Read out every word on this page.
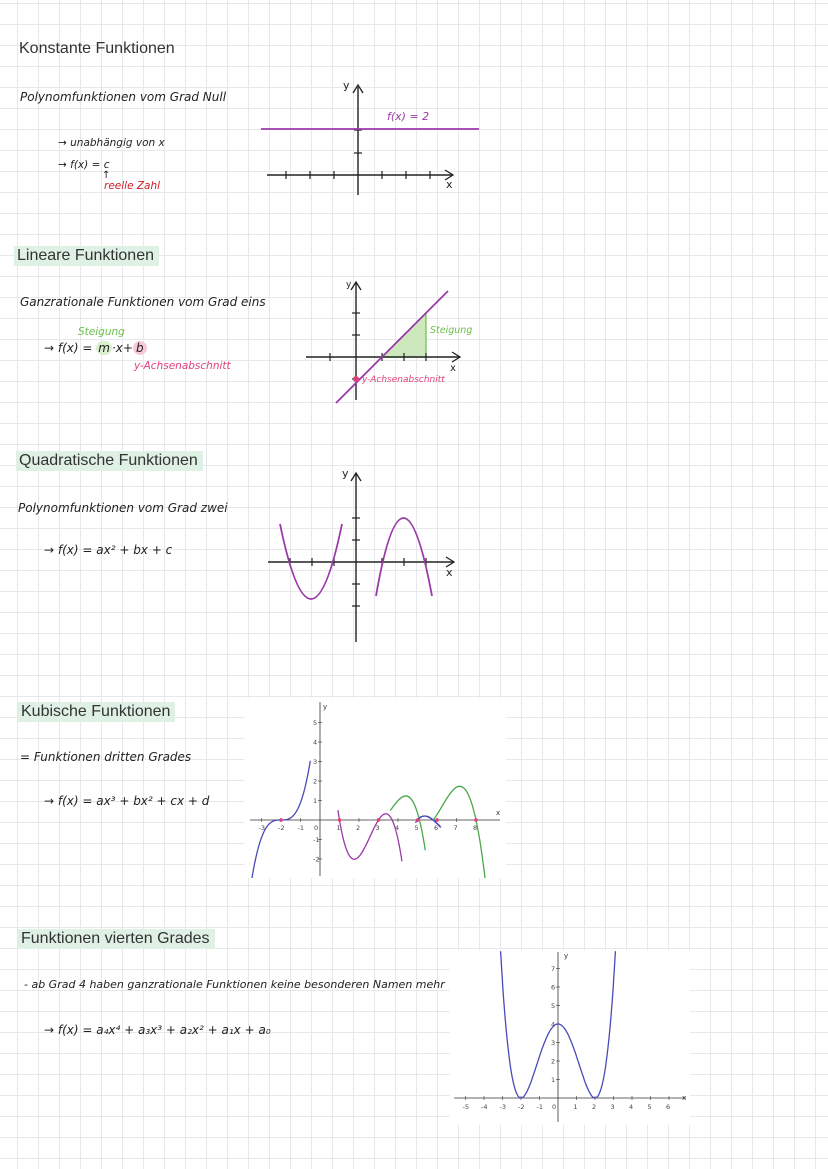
Konstante Funktionen
Polynomfunktionen vom Grad Null
→ unabhängig von x
→ f(x) = c
↑
reelle Zahl
y
x
f(x) = 2
Lineare Funktionen
Ganzrationale Funktionen vom Grad eins
Steigung
→ f(x) = m ·x+ b
y-Achsenabschnitt
y
x
Steigung
y-Achsenabschnitt
Quadratische Funktionen
Polynomfunktionen vom Grad zwei
→ f(x) = ax² + bx + c
y
x
Kubische Funktionen
= Funktionen dritten Grades
→ f(x) = ax³ + bx² + cx + d
y
x
-3 -2 -1 0	1 2 3 4 5 6 7 8
5
4
3
2
1
-1
-2
Funktionen vierten Grades
- ab Grad 4 haben ganzrationale Funktionen keine besonderen Namen mehr
→ f(x) = a₄x⁴ + a₃x³ + a₂x² + a₁x + a₀
y
x
-5 -4 -3 -2 -1 0	1 2 3 4 5 6
7
6
5
4
3
2
1
